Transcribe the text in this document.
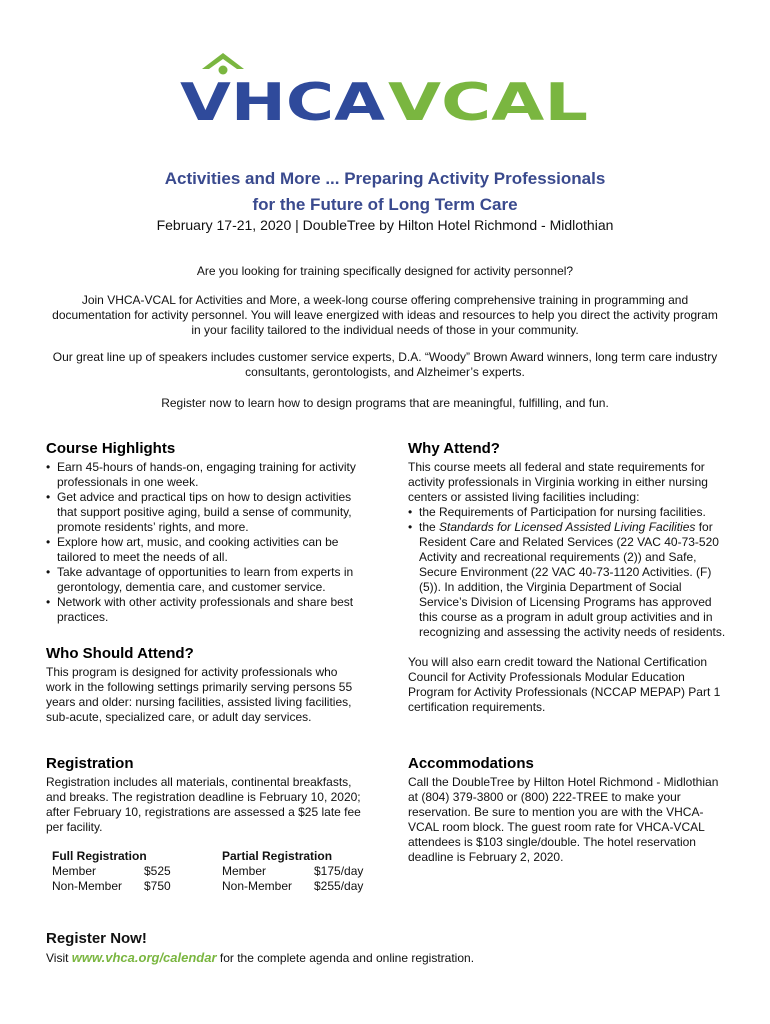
VHCA VCAL
Activities and More ... Preparing Activity Professionals
for the Future of Long Term Care
February 17-21, 2020 | DoubleTree by Hilton Hotel Richmond - Midlothian
Are you looking for training specifically designed for activity personnel?
Join VHCA-VCAL for Activities and More, a week-long course offering comprehensive training in programming and documentation for activity personnel. You will leave energized with ideas and resources to help you direct the activity program in your facility tailored to the individual needs of those in your community.
Our great line up of speakers includes customer service experts, D.A. “Woody” Brown Award winners, long term care industry consultants, gerontologists, and Alzheimer’s experts.
Register now to learn how to design programs that are meaningful, fulfilling, and fun.
Course Highlights
• Earn 45-hours of hands-on, engaging training for activity professionals in one week.
• Get advice and practical tips on how to design activities that support positive aging, build a sense of community, promote residents’ rights, and more.
• Explore how art, music, and cooking activities can be tailored to meet the needs of all.
• Take advantage of opportunities to learn from experts in gerontology, dementia care, and customer service.
• Network with other activity professionals and share best practices.
Who Should Attend?
This program is designed for activity professionals who work in the following settings primarily serving persons 55 years and older: nursing facilities, assisted living facilities, sub-acute, specialized care, or adult day services.
Why Attend?
This course meets all federal and state requirements for activity professionals in Virginia working in either nursing centers or assisted living facilities including:
• the Requirements of Participation for nursing facilities.
• the Standards for Licensed Assisted Living Facilities for Resident Care and Related Services (22 VAC 40-73-520 Activity and recreational requirements (2)) and Safe, Secure Environment (22 VAC 40-73-1120 Activities. (F)(5)). In addition, the Virginia Department of Social Service’s Division of Licensing Programs has approved this course as a program in adult group activities and in recognizing and assessing the activity needs of residents.
You will also earn credit toward the National Certification Council for Activity Professionals Modular Education Program for Activity Professionals (NCCAP MEPAP) Part 1 certification requirements.
Registration
Registration includes all materials, continental breakfasts, and breaks. The registration deadline is February 10, 2020; after February 10, registrations are assessed a $25 late fee per facility.
Full Registration
Member	$525
Non-Member	$750
Partial Registration
Member	$175/day
Non-Member	$255/day
Accommodations
Call the DoubleTree by Hilton Hotel Richmond - Midlothian at (804) 379-3800 or (800) 222-TREE to make your reservation. Be sure to mention you are with the VHCA-VCAL room block. The guest room rate for VHCA-VCAL attendees is $103 single/double. The hotel reservation deadline is February 2, 2020.
Register Now!
Visit www.vhca.org/calendar for the complete agenda and online registration.
